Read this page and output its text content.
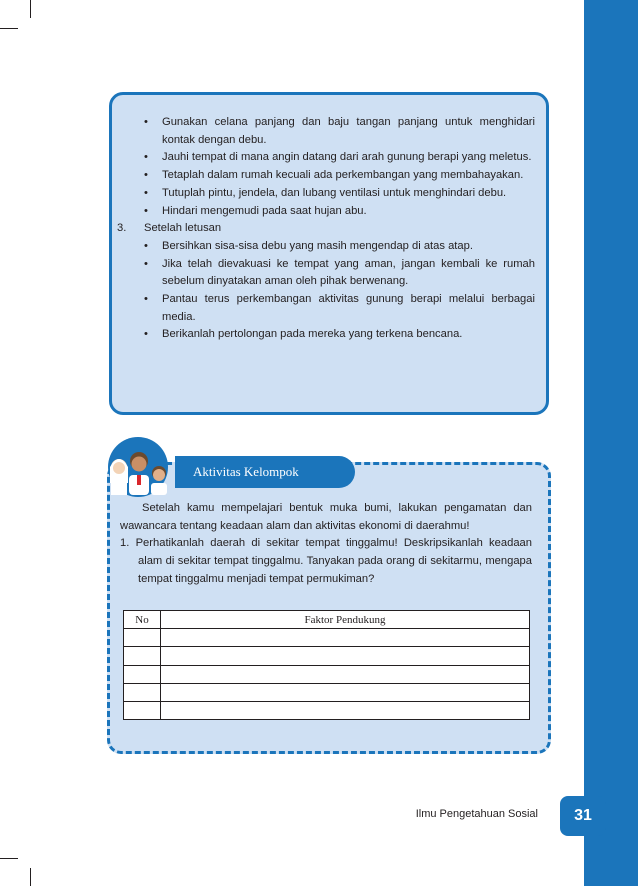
•	Gunakan celana panjang dan baju tangan panjang untuk menghidari kontak dengan debu.
•	Jauhi tempat di mana angin datang dari arah gunung berapi yang meletus.
•	Tetaplah dalam rumah kecuali ada perkembangan yang membahayakan.
•	Tutuplah pintu, jendela, dan lubang ventilasi untuk menghindari debu.
•	Hindari mengemudi pada saat hujan abu.
3. Setelah letusan
•	Bersihkan sisa-sisa debu yang masih mengendap di atas atap.
•	Jika telah dievakuasi ke tempat yang aman, jangan kembali ke rumah sebelum dinyatakan aman oleh pihak berwenang.
•	Pantau terus perkembangan aktivitas gunung berapi melalui berbagai media.
•	Berikanlah pertolongan pada mereka yang terkena bencana.
Aktivitas Kelompok
Setelah kamu mempelajari bentuk muka bumi, lakukan pengamatan dan wawancara tentang keadaan alam dan aktivitas ekonomi di daerahmu!
1. Perhatikanlah daerah di sekitar tempat tinggalmu! Deskripsikanlah keadaan alam di sekitar tempat tinggalmu. Tanyakan pada orang di sekitarmu, mengapa tempat tinggalmu menjadi tempat permukiman?
No	Faktor Pendukung

Ilmu Pengetahuan Sosial	31
